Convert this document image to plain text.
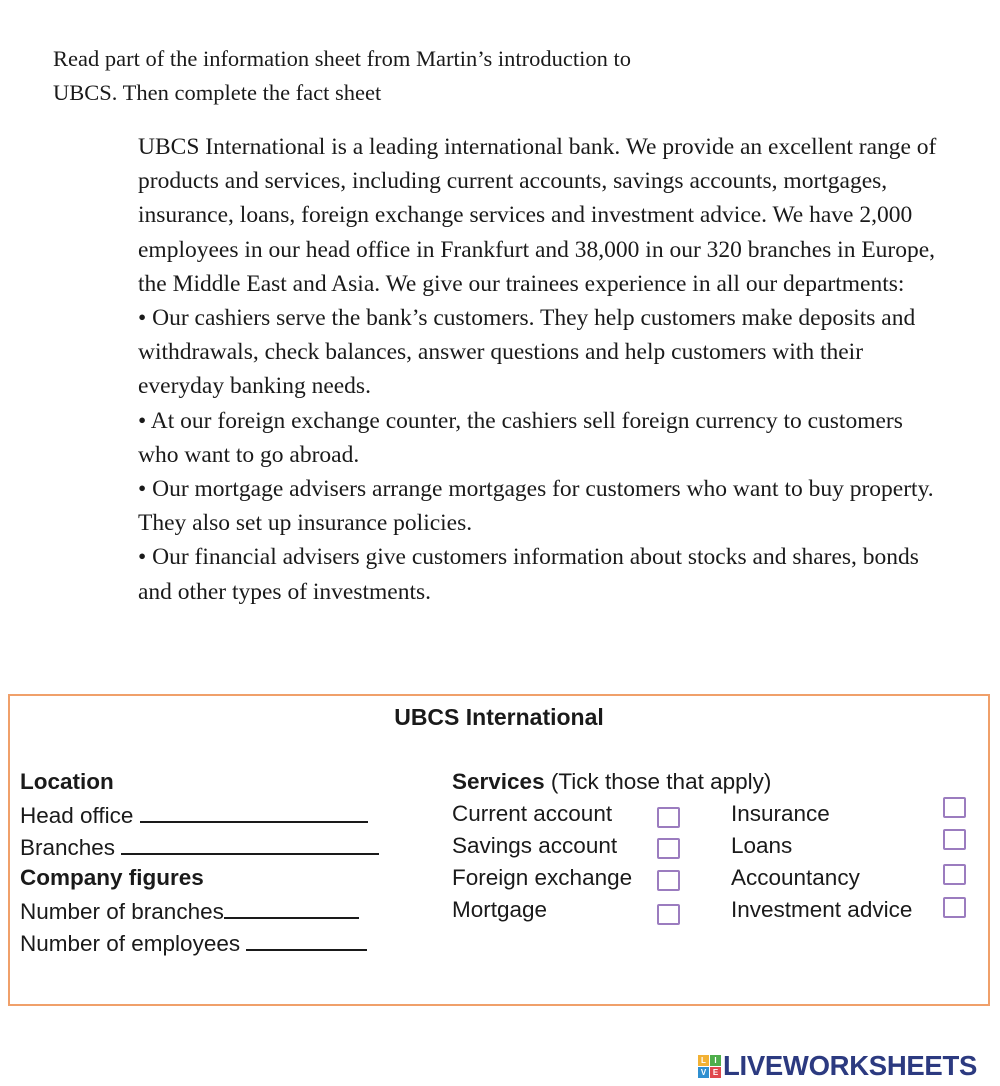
Read part of the information sheet from Martin’s introduction to
UBCS. Then complete the fact sheet

UBCS International is a leading international bank. We provide an excellent range of products and services, including current accounts, savings accounts, mortgages, insurance, loans, foreign exchange services and investment advice. We have 2,000 employees in our head office in Frankfurt and 38,000 in our 320 branches in Europe, the Middle East and Asia. We give our trainees experience in all our departments:

• Our cashiers serve the bank’s customers. They help customers make deposits and withdrawals, check balances, answer questions and help customers with their everyday banking needs.

• At our foreign exchange counter, the cashiers sell foreign currency to customers who want to go abroad.

• Our mortgage advisers arrange mortgages for customers who want to buy property. They also set up insurance policies.

• Our financial advisers give customers information about stocks and shares, bonds and other types of investments.

UBCS International
Location
Head office
Branches
Company figures
Number of branches
Number of employees
Services (Tick those that apply)
Current account
Savings account
Foreign exchange
Mortgage
Insurance
Loans
Accountancy
Investment advice
L	I
V E LIVEWORKSHEETS
